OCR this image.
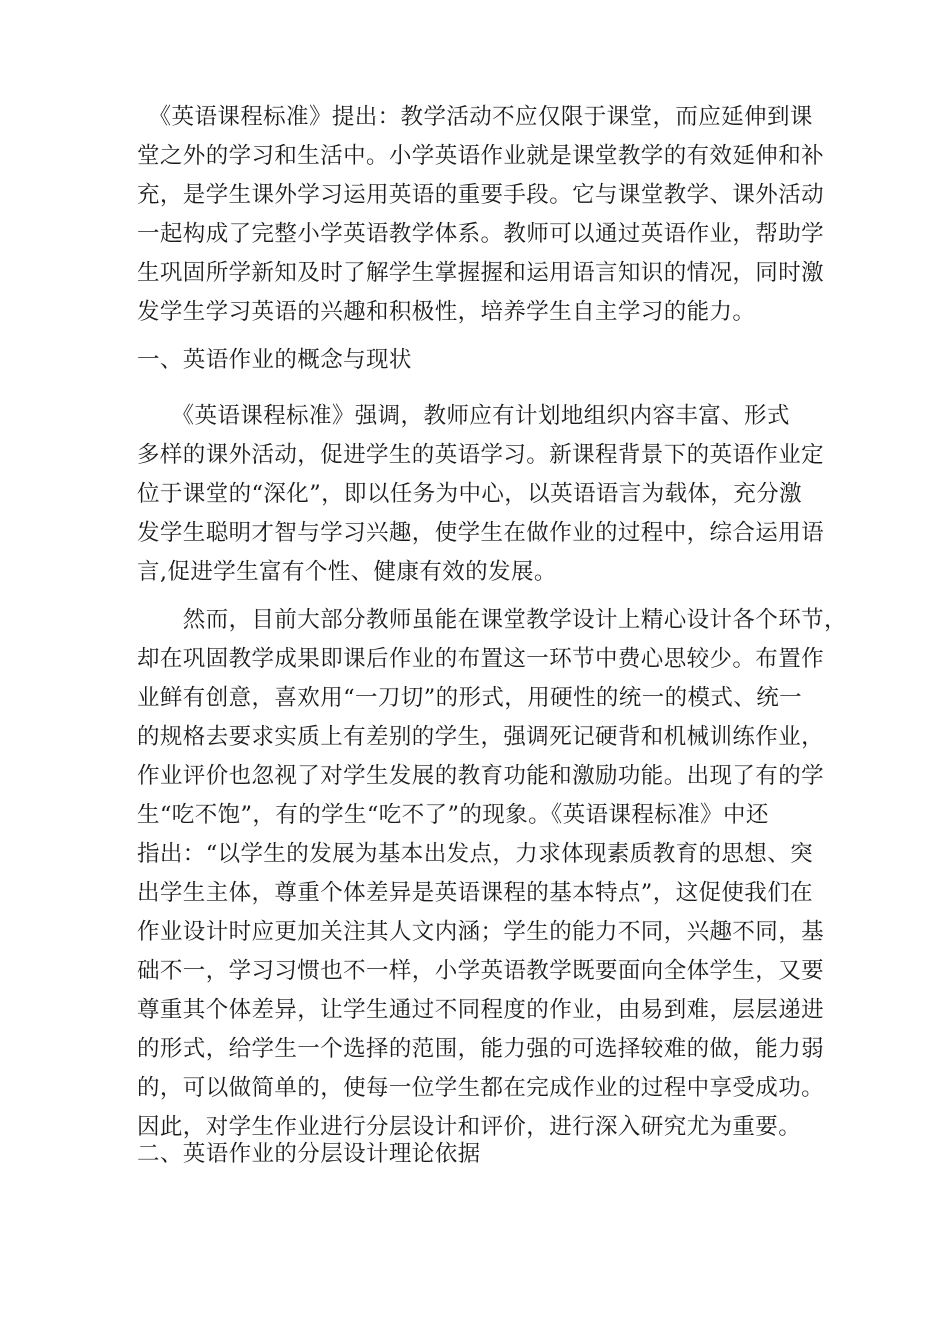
　《英语课程标准》提出：教学活动不应仅限于课堂，而应延伸到课
堂之外的学习和生活中。小学英语作业就是课堂教学的有效延伸和补
充，是学生课外学习运用英语的重要手段。它与课堂教学、课外活动
一起构成了完整小学英语教学体系。教师可以通过英语作业，帮助学
生巩固所学新知及时了解学生掌握握和运用语言知识的情况，同时激
发学生学习英语的兴趣和积极性，培养学生自主学习的能力。
一、英语作业的概念与现状
　　《英语课程标准》强调，教师应有计划地组织内容丰富、形式
多样的课外活动，促进学生的英语学习。新课程背景下的英语作业定
位于课堂的“深化”，即以任务为中心，以英语语言为载体，充分激
发学生聪明才智与学习兴趣，使学生在做作业的过程中，综合运用语
言,促进学生富有个性、健康有效的发展。
　　然而，目前大部分教师虽能在课堂教学设计上精心设计各个环节，
却在巩固教学成果即课后作业的布置这一环节中费心思较少。布置作
业鲜有创意，喜欢用“一刀切”的形式，用硬性的统一的模式、统一
的规格去要求实质上有差别的学生，强调死记硬背和机械训练作业，
作业评价也忽视了对学生发展的教育功能和激励功能。出现了有的学
生“吃不饱”，有的学生“吃不了”的现象。《英语课程标准》中还
指出：“以学生的发展为基本出发点，力求体现素质教育的思想、突
出学生主体，尊重个体差异是英语课程的基本特点”，这促使我们在
作业设计时应更加关注其人文内涵；学生的能力不同，兴趣不同，基
础不一，学习习惯也不一样，小学英语教学既要面向全体学生，又要
尊重其个体差异，让学生通过不同程度的作业，由易到难，层层递进
的形式，给学生一个选择的范围，能力强的可选择较难的做，能力弱
的，可以做简单的，使每一位学生都在完成作业的过程中享受成功。
因此，对学生作业进行分层设计和评价，进行深入研究尤为重要。
二、英语作业的分层设计理论依据
